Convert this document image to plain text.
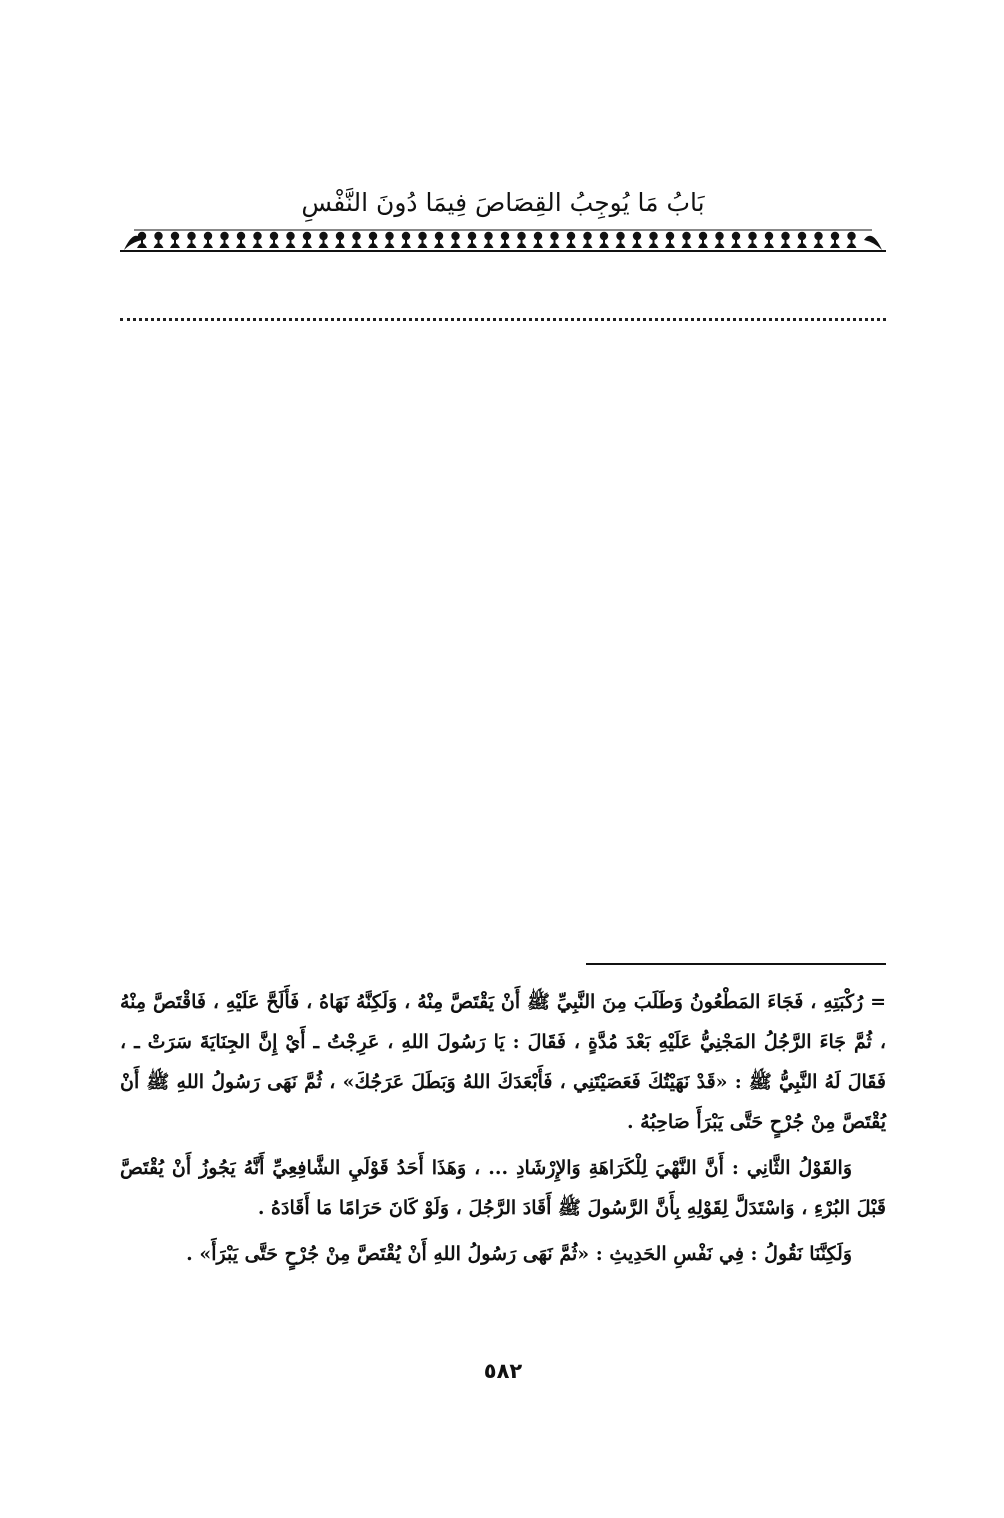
بَابُ مَا يُوجِبُ القِصَاصَ فِيمَا دُونَ النَّفْسِ

= رُكْبَتِهِ ، فَجَاءَ المَطْعُونُ وَطَلَبَ مِنَ النَّبِيِّ ﷺ أَنْ يَقْتَصَّ مِنْهُ ، وَلَكِنَّهُ نَهَاهُ ، فَأَلَحَّ عَلَيْهِ ، فَاقْتَصَّ مِنْهُ ، ثُمَّ جَاءَ الرَّجُلُ المَجْنِيُّ عَلَيْهِ بَعْدَ مُدَّةٍ ، فَقَالَ : يَا رَسُولَ اللهِ ، عَرِجْتُ ـ أَيْ إِنَّ الجِنَايَةَ سَرَتْ ـ ، فَقَالَ لَهُ النَّبِيُّ ﷺ : «قَدْ نَهَيْتُكَ فَعَصَيْتَنِي ، فَأَبْعَدَكَ اللهُ وَبَطَلَ عَرَجُكَ» ، ثُمَّ نَهَى رَسُولُ اللهِ ﷺ أَنْ يُقْتَصَّ مِنْ جُرْحٍ حَتَّى يَبْرَأَ صَاحِبُهُ .

وَالقَوْلُ الثَّانِي : أَنَّ النَّهْيَ لِلْكَرَاهَةِ وَالإِرْشَادِ ... ، وَهَذَا أَحَدُ قَوْلَيِ الشَّافِعِيِّ أَنَّهُ يَجُوزُ أَنْ يُقْتَصَّ قَبْلَ البُرْءِ ، وَاسْتَدَلَّ لِقَوْلِهِ بِأَنَّ الرَّسُولَ ﷺ أَقَادَ الرَّجُلَ ، وَلَوْ كَانَ حَرَامًا مَا أَقَادَهُ .

وَلَكِنَّنَا نَقُولُ : فِي نَفْسِ الحَدِيثِ : «ثُمَّ نَهَى رَسُولُ اللهِ أَنْ يُقْتَصَّ مِنْ جُرْحٍ حَتَّى يَبْرَأَ» .

٥٨٢
